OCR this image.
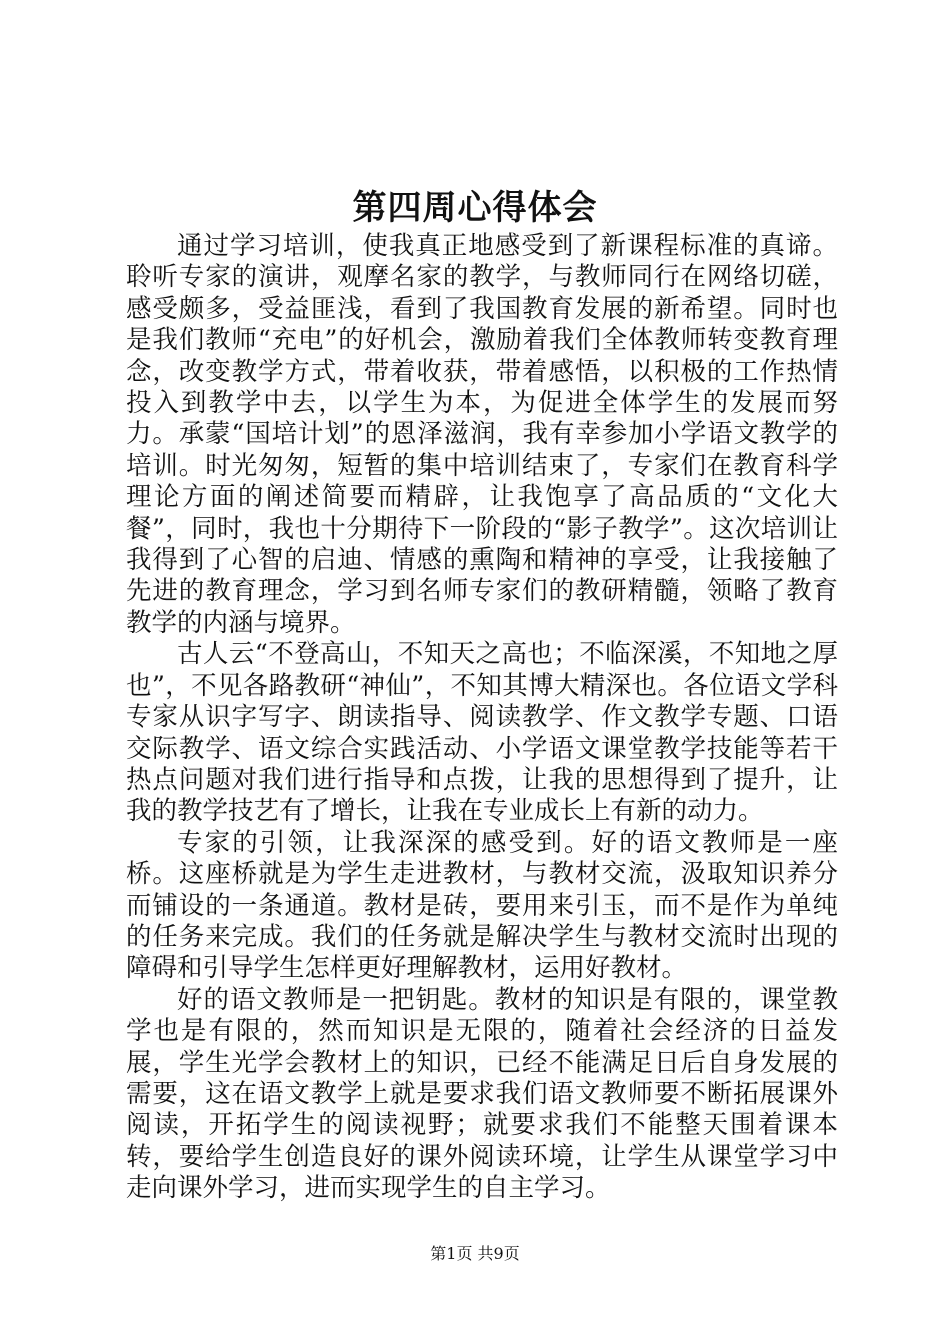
第四周心得体会

通过学习培训，使我真正地感受到了新课程标准的真谛。聆听专家的演讲，观摩名家的教学，与教师同行在网络切磋，感受颇多，受益匪浅，看到了我国教育发展的新希望。同时也是我们教师“充电”的好机会，激励着我们全体教师转变教育理念，改变教学方式，带着收获，带着感悟，以积极的工作热情投入到教学中去，以学生为本，为促进全体学生的发展而努力。承蒙“国培计划”的恩泽滋润，我有幸参加小学语文教学的培训。时光匆匆，短暂的集中培训结束了，专家们在教育科学理论方面的阐述简要而精辟，让我饱享了高品质的“文化大餐”，同时，我也十分期待下一阶段的“影子教学”。这次培训让我得到了心智的启迪、情感的熏陶和精神的享受，让我接触了先进的教育理念，学习到名师专家们的教研精髓，领略了教育教学的内涵与境界。

古人云“不登高山，不知天之高也；不临深溪，不知地之厚也”，不见各路教研“神仙”，不知其博大精深也。各位语文学科专家从识字写字、朗读指导、阅读教学、作文教学专题、口语交际教学、语文综合实践活动、小学语文课堂教学技能等若干热点问题对我们进行指导和点拨，让我的思想得到了提升，让我的教学技艺有了增长，让我在专业成长上有新的动力。

专家的引领，让我深深的感受到。好的语文教师是一座桥。这座桥就是为学生走进教材，与教材交流，汲取知识养分而铺设的一条通道。教材是砖，要用来引玉，而不是作为单纯的任务来完成。我们的任务就是解决学生与教材交流时出现的障碍和引导学生怎样更好理解教材，运用好教材。

好的语文教师是一把钥匙。教材的知识是有限的，课堂教学也是有限的，然而知识是无限的，随着社会经济的日益发展，学生光学会教材上的知识，已经不能满足日后自身发展的需要，这在语文教学上就是要求我们语文教师要不断拓展课外阅读，开拓学生的阅读视野；就要求我们不能整天围着课本转，要给学生创造良好的课外阅读环境，让学生从课堂学习中走向课外学习，进而实现学生的自主学习。

第1页 共9页
